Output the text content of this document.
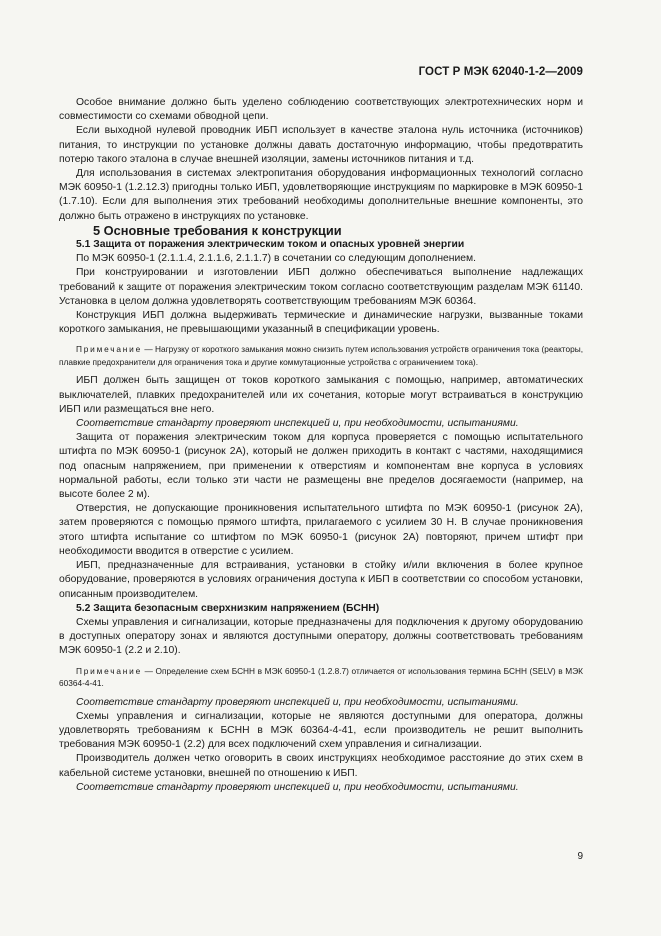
ГОСТ Р МЭК 62040-1-2—2009

Особое внимание должно быть уделено соблюдению соответствующих электротехнических норм и совместимости со схемами обводной цепи.

Если выходной нулевой проводник ИБП использует в качестве эталона нуль источника (источников) питания, то инструкции по установке должны давать достаточную информацию, чтобы предотвратить потерю такого эталона в случае внешней изоляции, замены источников питания и т.д.

Для использования в системах электропитания оборудования информационных технологий согласно МЭК 60950-1 (1.2.12.3) пригодны только ИБП, удовлетворяющие инструкциям по маркировке в МЭК 60950-1 (1.7.10). Если для выполнения этих требований необходимы дополнительные внешние компоненты, это должно быть отражено в инструкциях по установке.

5 Основные требования к конструкции

5.1 Защита от поражения электрическим током и опасных уровней энергии

По МЭК 60950-1 (2.1.1.4, 2.1.1.6, 2.1.1.7) в сочетании со следующим дополнением.

При конструировании и изготовлении ИБП должно обеспечиваться выполнение надлежащих требований к защите от поражения электрическим током согласно соответствующим разделам МЭК 61140. Установка в целом должна удовлетворять соответствующим требованиям МЭК 60364.

Конструкция ИБП должна выдерживать термические и динамические нагрузки, вызванные токами короткого замыкания, не превышающими указанный в спецификации уровень.

Примечание — Нагрузку от короткого замыкания можно снизить путем использования устройств ограничения тока (реакторы, плавкие предохранители для ограничения тока и другие коммутационные устройства с ограничением тока).

ИБП должен быть защищен от токов короткого замыкания с помощью, например, автоматических выключателей, плавких предохранителей или их сочетания, которые могут встраиваться в конструкцию ИБП или размещаться вне него.

Соответствие стандарту проверяют инспекцией и, при необходимости, испытаниями.

Защита от поражения электрическим током для корпуса проверяется с помощью испытательного штифта по МЭК 60950-1 (рисунок 2А), который не должен приходить в контакт с частями, находящимися под опасным напряжением, при применении к отверстиям и компонентам вне корпуса в условиях нормальной работы, если только эти части не размещены вне пределов досягаемости (например, на высоте более 2 м).

Отверстия, не допускающие проникновения испытательного штифта по МЭК 60950-1 (рисунок 2А), затем проверяются с помощью прямого штифта, прилагаемого с усилием 30 Н. В случае проникновения этого штифта испытание со штифтом по МЭК 60950-1 (рисунок 2А) повторяют, причем штифт при необходимости вводится в отверстие с усилием.

ИБП, предназначенные для встраивания, установки в стойку и/или включения в более крупное оборудование, проверяются в условиях ограничения доступа к ИБП в соответствии со способом установки, описанным производителем.

5.2 Защита безопасным сверхнизким напряжением (БСНН)

Схемы управления и сигнализации, которые предназначены для подключения к другому оборудованию в доступных оператору зонах и являются доступными оператору, должны соответствовать требованиям МЭК 60950-1 (2.2 и 2.10).

Примечание — Определение схем БСНН в МЭК 60950-1 (1.2.8.7) отличается от использования термина БСНН (SELV) в МЭК 60364-4-41.

Соответствие стандарту проверяют инспекцией и, при необходимости, испытаниями.

Схемы управления и сигнализации, которые не являются доступными для оператора, должны удовлетворять требованиям к БСНН в МЭК 60364-4-41, если производитель не решит выполнить требования МЭК 60950-1 (2.2) для всех подключений схем управления и сигнализации.

Производитель должен четко оговорить в своих инструкциях необходимое расстояние до этих схем в кабельной системе установки, внешней по отношению к ИБП.

Соответствие стандарту проверяют инспекцией и, при необходимости, испытаниями.

9
